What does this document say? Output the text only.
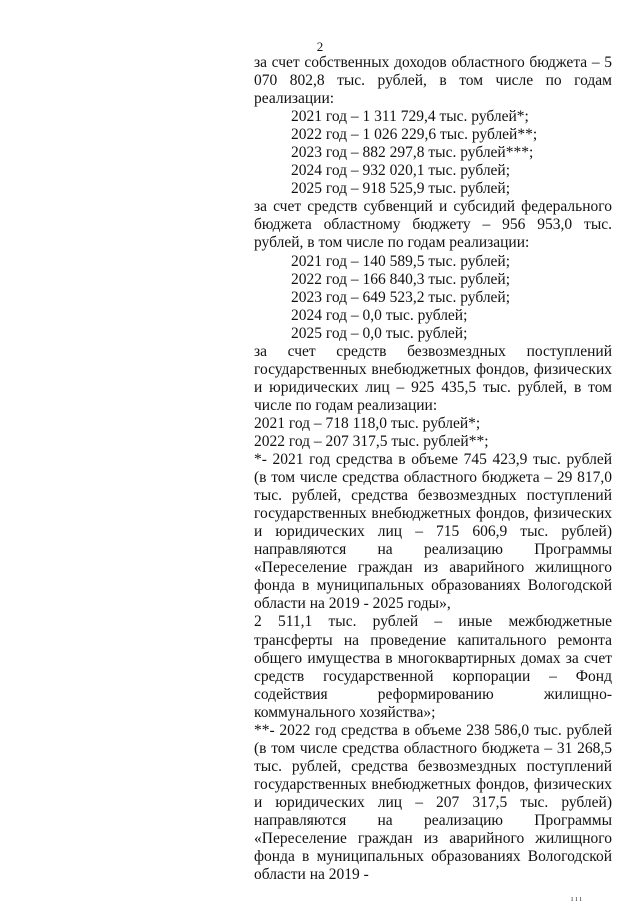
2

за счет собственных доходов областного бюджета – 5 070 802,8 тыс. рублей, в том числе по годам реализации:

2021 год – 1 311 729,4 тыс. рублей*;

2022 год – 1 026 229,6 тыс. рублей**;

2023 год – 882 297,8 тыс. рублей***;

2024 год – 932 020,1 тыс. рублей;

2025 год – 918 525,9 тыс. рублей;

за счет средств субвенций и субсидий федерального бюджета областному бюджету – 956 953,0 тыс. рублей, в том числе по годам реализации:

2021 год – 140 589,5 тыс. рублей;

2022 год – 166 840,3 тыс. рублей;

2023 год – 649 523,2 тыс. рублей;

2024 год – 0,0 тыс. рублей;

2025 год – 0,0 тыс. рублей;

за счет средств безвозмездных поступлений государственных внебюджетных фондов, физических и юридических лиц – 925 435,5 тыс. рублей, в том числе по годам реализации:

2021 год – 718 118,0 тыс. рублей*;

2022 год – 207 317,5 тыс. рублей**;

*- 2021 год средства в объеме 745 423,9 тыс. рублей (в том числе средства областного бюджета – 29 817,0 тыс. рублей, средства безвозмездных поступлений государственных внебюджетных фондов, физических и юридических лиц – 715 606,9 тыс. рублей) направляются на реализацию Программы «Переселение граждан из аварийного жилищного фонда в муниципальных образованиях Вологодской области на 2019 - 2025 годы»,

2 511,1 тыс. рублей – иные межбюджетные трансферты на проведение капитального ремонта общего имущества в многоквартирных домах за счет средств государственной корпорации – Фонд содействия реформированию жилищно-коммунального хозяйства»;

**- 2022 год средства в объеме 238 586,0 тыс. рублей (в том числе средства областного бюджета – 31 268,5 тыс. рублей, средства безвозмездных поступлений государственных внебюджетных фондов, физических и юридических лиц – 207 317,5 тыс. рублей) направляются на реализацию Программы «Переселение граждан из аварийного жилищного фонда в муниципальных образованиях Вологодской области на 2019 -

ı ı ı
